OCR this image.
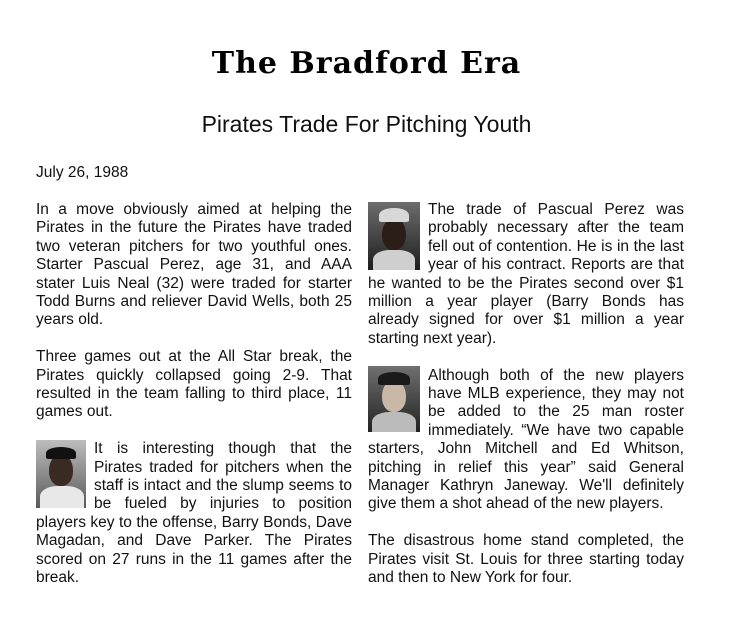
The Bradford Era
Pirates Trade For Pitching Youth
July 26, 1988

In a move obviously aimed at helping the Pirates in the future the Pirates have traded two veteran pitchers for two youthful ones. Starter Pascual Perez, age 31, and AAA stater Luis Neal (32) were traded for starter Todd Burns and reliever David Wells, both 25 years old.

Three games out at the All Star break, the Pirates quickly collapsed going 2-9. That resulted in the team falling to third place, 11 games out.

It is interesting though that the Pirates traded for pitchers when the staff is intact and the slump seems to be fueled by injuries to position players key to the offense, Barry Bonds, Dave Magadan, and Dave Parker. The Pirates scored on 27 runs in the 11 games after the break.

The trade of Pascual Perez was probably necessary after the team fell out of contention. He is in the last year of his contract. Reports are that he wanted to be the Pirates second over $1 million a year player (Barry Bonds has already signed for over $1 million a year starting next year).

Although both of the new players have MLB experience, they may not be added to the 25 man roster immediately. “We have two capable starters, John Mitchell and Ed Whitson, pitching in relief this year” said General Manager Kathryn Janeway. We'll definitely give them a shot ahead of the new players.

The disastrous home stand completed, the Pirates visit St. Louis for three starting today and then to New York for four.
